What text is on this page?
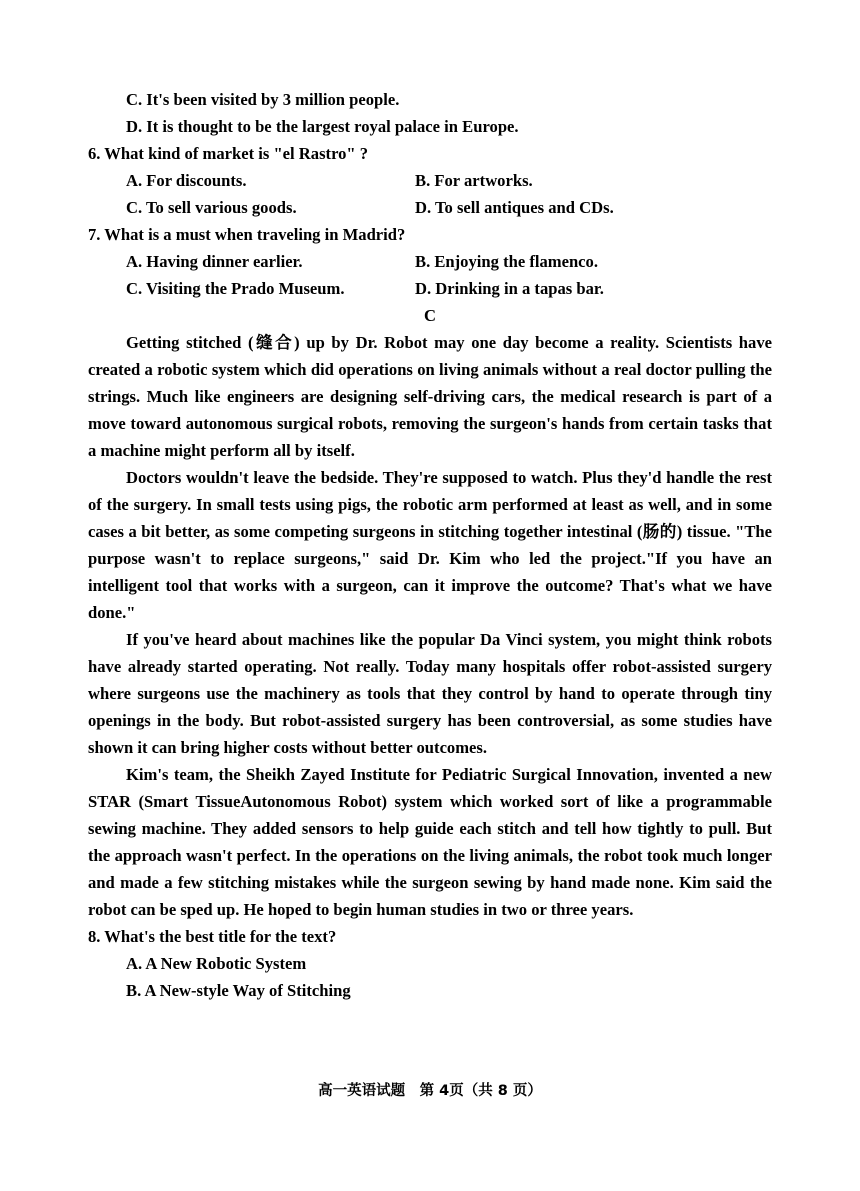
C. It's been visited by 3 million people.
D. It is thought to be the largest royal palace in Europe.
6. What kind of market is "el Rastro" ?
A. For discounts.	B. For artworks.
C. To sell various goods.	D. To sell antiques and CDs.
7. What is a must when traveling in Madrid?
A. Having dinner earlier.	B. Enjoying the flamenco.
C. Visiting the Prado Museum.	D. Drinking in a tapas bar.
C

Getting stitched (缝合) up by Dr. Robot may one day become a reality. Scientists have created a robotic system which did operations on living animals without a real doctor pulling the strings. Much like engineers are designing self-driving cars, the medical research is part of a move toward autonomous surgical robots, removing the surgeon's hands from certain tasks that a machine might perform all by itself.

Doctors wouldn't leave the bedside. They're supposed to watch. Plus they'd handle the rest of the surgery. In small tests using pigs, the robotic arm performed at least as well, and in some cases a bit better, as some competing surgeons in stitching together intestinal (肠的) tissue. "The purpose wasn't to replace surgeons," said Dr. Kim who led the project."If you have an intelligent tool that works with a surgeon, can it improve the outcome? That's what we have done."

If you've heard about machines like the popular Da Vinci system, you might think robots have already started operating. Not really. Today many hospitals offer robot-assisted surgery where surgeons use the machinery as tools that they control by hand to operate through tiny openings in the body. But robot-assisted surgery has been controversial, as some studies have shown it can bring higher costs without better outcomes.

Kim's team, the Sheikh Zayed Institute for Pediatric Surgical Innovation, invented a new STAR (Smart TissueAutonomous Robot) system which worked sort of like a programmable sewing machine. They added sensors to help guide each stitch and tell how tightly to pull. But the approach wasn't perfect. In the operations on the living animals, the robot took much longer and made a few stitching mistakes while the surgeon sewing by hand made none. Kim said the robot can be sped up. He hoped to begin human studies in two or three years.

8. What's the best title for the text?
A. A New Robotic System
B. A New-style Way of Stitching
高一英语试题　第 4页（共 8 页）
